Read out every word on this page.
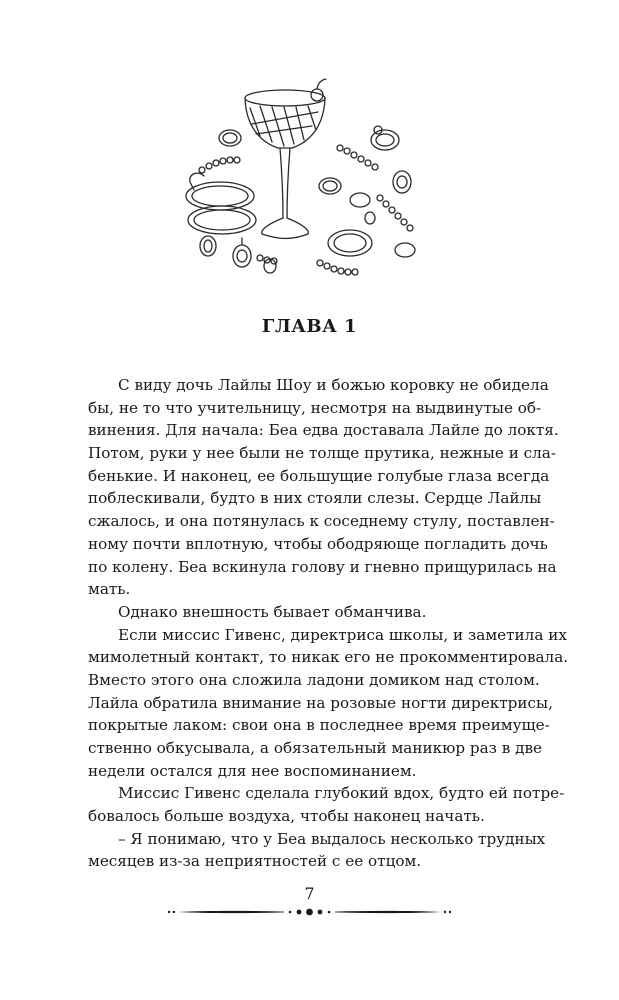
ГЛАВА 1
С виду дочь Лайлы Шоу и божью коровку не обидела
бы, не то что учительницу, несмотря на выдвинутые об-
винения. Для начала: Беа едва доставала Лайле до локтя.
Потом, руки у нее были не толще прутика, нежные и сла-
бенькие. И наконец, ее большущие голубые глаза всегда
поблескивали, будто в них стояли слезы. Сердце Лайлы
сжалось, и она потянулась к соседнему стулу, поставлен-
ному почти вплотную, чтобы ободряюще погладить дочь
по колену. Беа вскинула голову и гневно прищурилась на
мать.
Однако внешность бывает обманчива.
Если миссис Гивенс, директриса школы, и заметила их
мимолетный контакт, то никак его не прокомментировала.
Вместо этого она сложила ладони домиком над столом.
Лайла обратила внимание на розовые ногти директрисы,
покрытые лаком: свои она в последнее время преимуще-
ственно обкусывала, а обязательный маникюр раз в две
недели остался для нее воспоминанием.
Миссис Гивенс сделала глубокий вдох, будто ей потре-
бовалось больше воздуха, чтобы наконец начать.
– Я понимаю, что у Беа выдалось несколько трудных
месяцев из-за неприятностей с ее отцом.
7
